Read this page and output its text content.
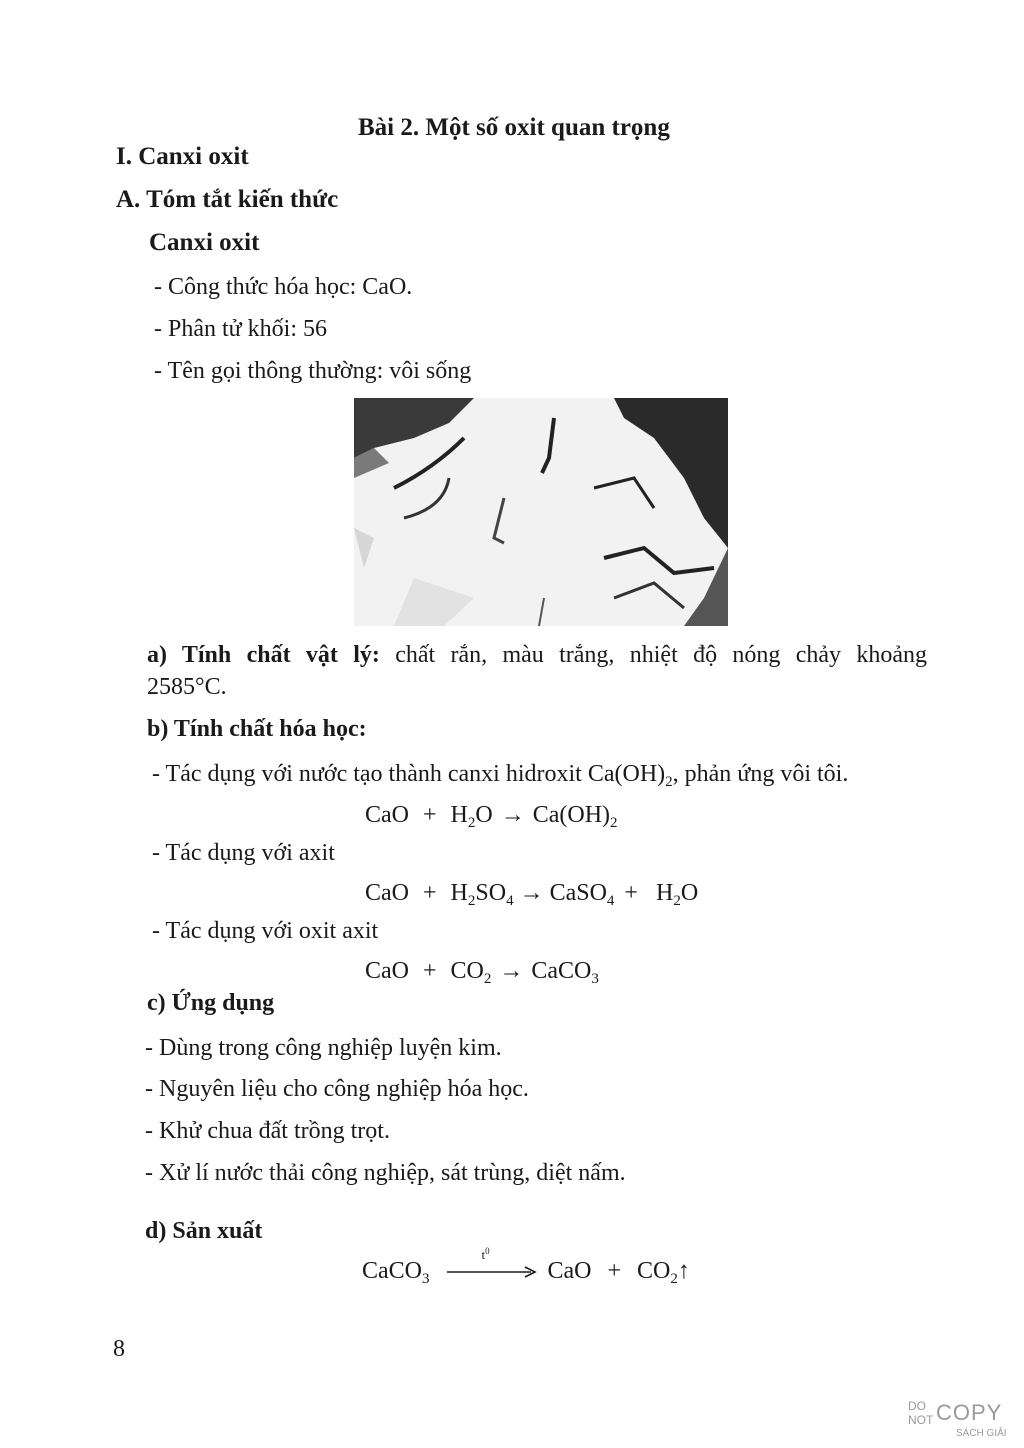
Bài 2. Một số oxit quan trọng
I. Canxi oxit
A. Tóm tắt kiến thức
Canxi oxit
- Công thức hóa học: CaO.
- Phân tử khối: 56
- Tên gọi thông thường: vôi sống
a) Tính chất vật lý: chất rắn, màu trắng, nhiệt độ nóng chảy khoảng
2585°C.
b) Tính chất hóa học:
- Tác dụng với nước tạo thành canxi hidroxit $Ca(OH)_2$, phản ứng vôi tôi.
CaO + $H_2O \to Ca(OH)_2$
- Tác dụng với axit
CaO + $H_2SO_4$ → CaSO$_4$ + $H_2O$
- Tác dụng với oxit axit
CaO + $CO_2$ → CaCO$_3$
c) Ứng dụng
- Dùng trong công nghiệp luyện kim.
- Nguyên liệu cho công nghiệp hóa học.
- Khử chua đất trồng trọt.
- Xử lí nước thải công nghiệp, sát trùng, diệt nấm.
d) Sản xuất
CaCO$_3$
$t^0$
CaO + $CO_2↑$
8
DO
NOT COPY
SÁCH GIẢI
